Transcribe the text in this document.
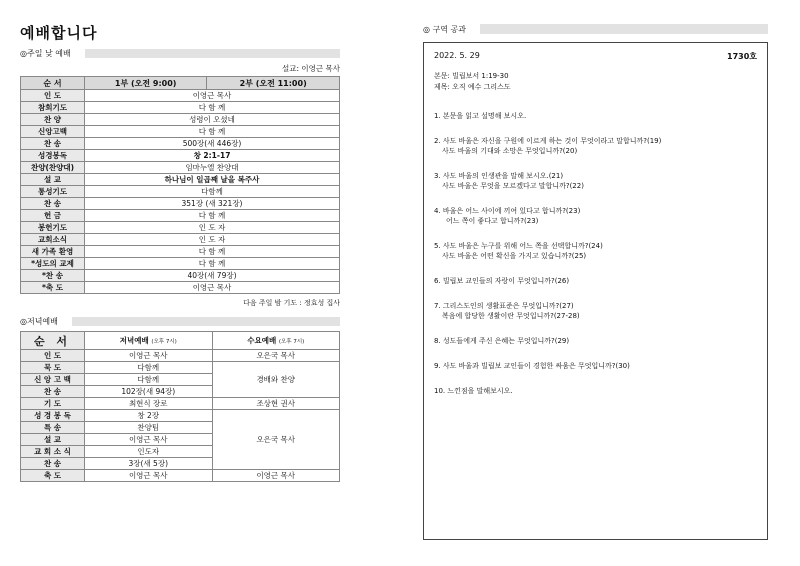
예배합니다
◎주일 낮 예배
설교: 이영근 목사
순 서	1부 (오전 9:00)	2부 (오전 11:00)
인 도	이영근 목사	
참회기도	다 함 께	
찬 양	성령이 오셨네	
신앙고백	다 함 께	
찬 송	500장(새 446장)	
성경봉독	창 2:1-17	
찬양(찬양대)	임마누엘 찬양대	
설 교	하나님이 일곱째 날을 복주사	
통성기도	다함께	
찬 송	351장 (새 321장)	
헌 금	다 함 께	
봉헌기도	인 도 자	
교회소식	인 도 자	
새 가족 환영	다 함 께	
*성도의 교제	다 함 께	
*찬 송	40장(새 79장)	
*축 도	이영근 목사	
다음 주일 밤 기도 : 정효성 집사
◎저녁예배
순 서	저녁예배 (오후 7시)	수요예배 (오후 7시)
인 도	이영근 목사	오은국 목사
묵 도	다함께	경배와 찬양
신 앙 고 백	다함께	
찬 송	102장(새 94장)	
기 도	최현식 장로	조상현 권사
성 경 봉 독	창 2장	오은국 목사
특 송	찬양팀	
설 교	이영근 목사	
교 회 소 식	인도자	
찬 송	3장(새 5장)	
축 도	이영근 목사	이영근 목사
◎ 구역 공과
2022. 5. 29	1730호
본문: 빌립보서 1:19-30
제목: 오직 예수 그리스도
1. 본문을 읽고 설명해 보시오.
2. 사도 바울은 자신을 구원에 이르게 하는 것이 무엇이라고 말합니까?(19)
사도 바울의 기대와 소망은 무엇입니까?(20)
3. 사도 바울의 인생관을 말해 보시오.(21)
사도 바울은 무엇을 모르겠다고 말합니까?(22)
4. 바울은 어느 사이에 끼여 있다고 합니까?(23)
어느 쪽이 좋다고 합니까?(23)
5. 사도 바울은 누구를 위해 어느 쪽을 선택합니까?(24)
사도 바울은 어떤 확신을 가지고 있습니까?(25)
6. 빌립보 교인들의 자랑이 무엇입니까?(26)
7. 그리스도인의 생활표준은 무엇입니까?(27)
복음에 합당한 생활이란 무엇입니까?(27-28)
8. 성도들에게 주신 은혜는 무엇입니까?(29)
9. 사도 바울과 빌립보 교인들이 경험한 싸움은 무엇입니까?(30)
10. 느낀점을 말해보시오.
